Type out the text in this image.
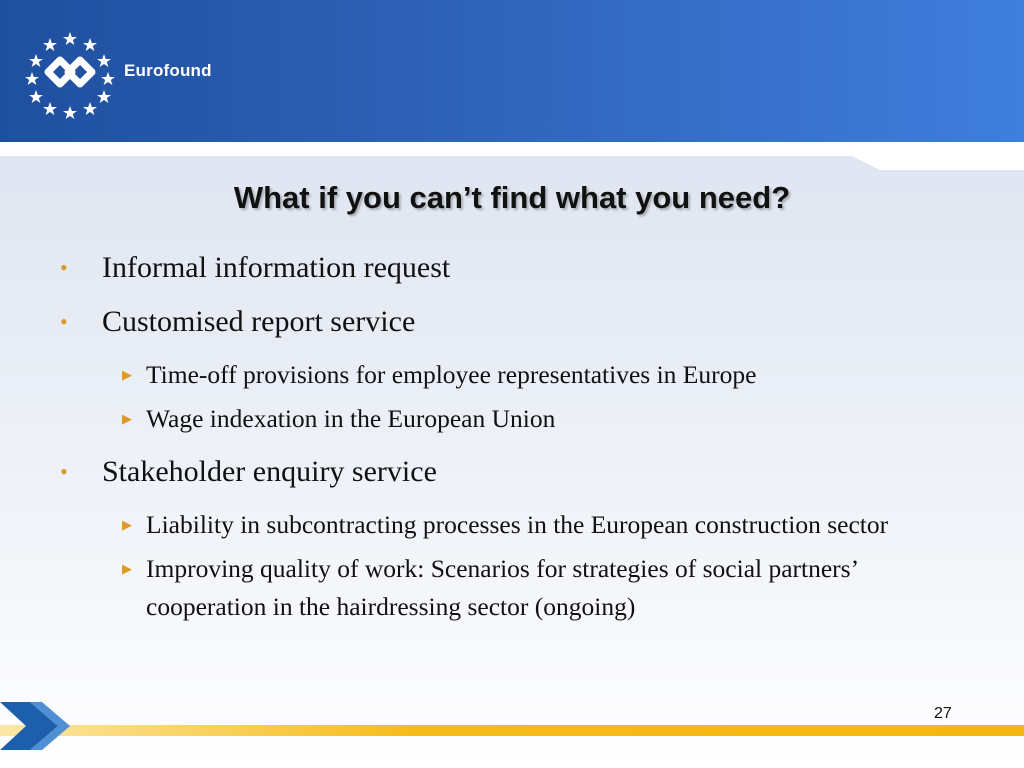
Eurofound
What if you can’t find what you need?
•	Informal information request
•	Customised report service
▶ Time-off provisions for employee representatives in Europe
▶ Wage indexation in the European Union
•	Stakeholder enquiry service
▶ Liability in subcontracting processes in the European construction sector
▶ Improving quality of work: Scenarios for strategies of social partners’ cooperation in the hairdressing sector (ongoing)
27
